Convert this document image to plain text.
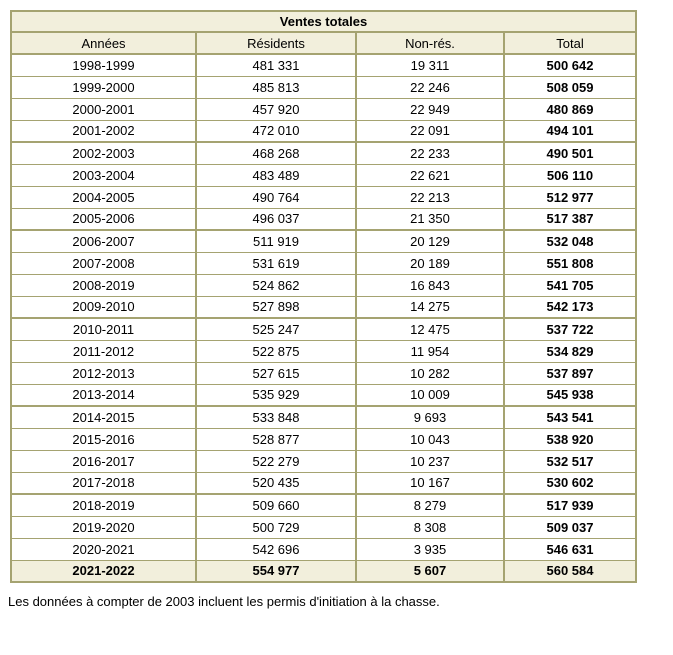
Ventes totales			
Années	Résidents	Non-rés.	Total
1998-1999	481 331	19 311	500 642
1999-2000	485 813	22 246	508 059
2000-2001	457 920	22 949	480 869
2001-2002	472 010	22 091	494 101
2002-2003	468 268	22 233	490 501
2003-2004	483 489	22 621	506 110
2004-2005	490 764	22 213	512 977
2005-2006	496 037	21 350	517 387
2006-2007	511 919	20 129	532 048
2007-2008	531 619	20 189	551 808
2008-2019	524 862	16 843	541 705
2009-2010	527 898	14 275	542 173
2010-2011	525 247	12 475	537 722
2011-2012	522 875	11 954	534 829
2012-2013	527 615	10 282	537 897
2013-2014	535 929	10 009	545 938
2014-2015	533 848	9 693	543 541
2015-2016	528 877	10 043	538 920
2016-2017	522 279	10 237	532 517
2017-2018	520 435	10 167	530 602
2018-2019	509 660	8 279	517 939
2019-2020	500 729	8 308	509 037
2020-2021	542 696	3 935	546 631
2021-2022	554 977	5 607	560 584

Les données à compter de 2003 incluent les permis d'initiation à la chasse.
